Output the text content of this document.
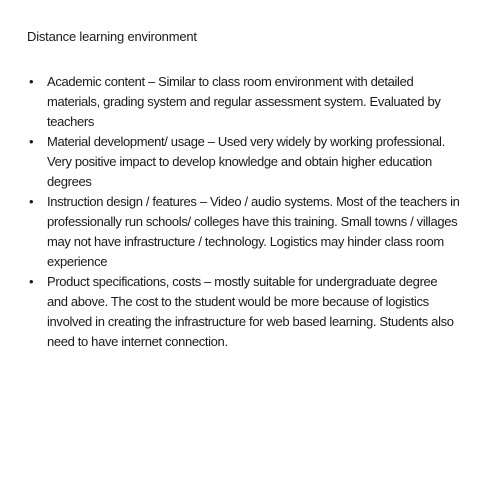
Distance learning environment
• Academic content – Similar to class room environment with detailed materials, grading system and regular assessment system. Evaluated by teachers
• Material development/ usage – Used very widely by working professional. Very positive impact to develop knowledge and obtain higher education degrees
• Instruction design / features – Video / audio systems. Most of the teachers in professionally run schools/ colleges have this training. Small towns / villages may not have infrastructure / technology. Logistics may hinder class room experience
• Product specifications, costs – mostly suitable for undergraduate degree and above. The cost to the student would be more because of logistics involved in creating the infrastructure for web based learning. Students also need to have internet connection.
